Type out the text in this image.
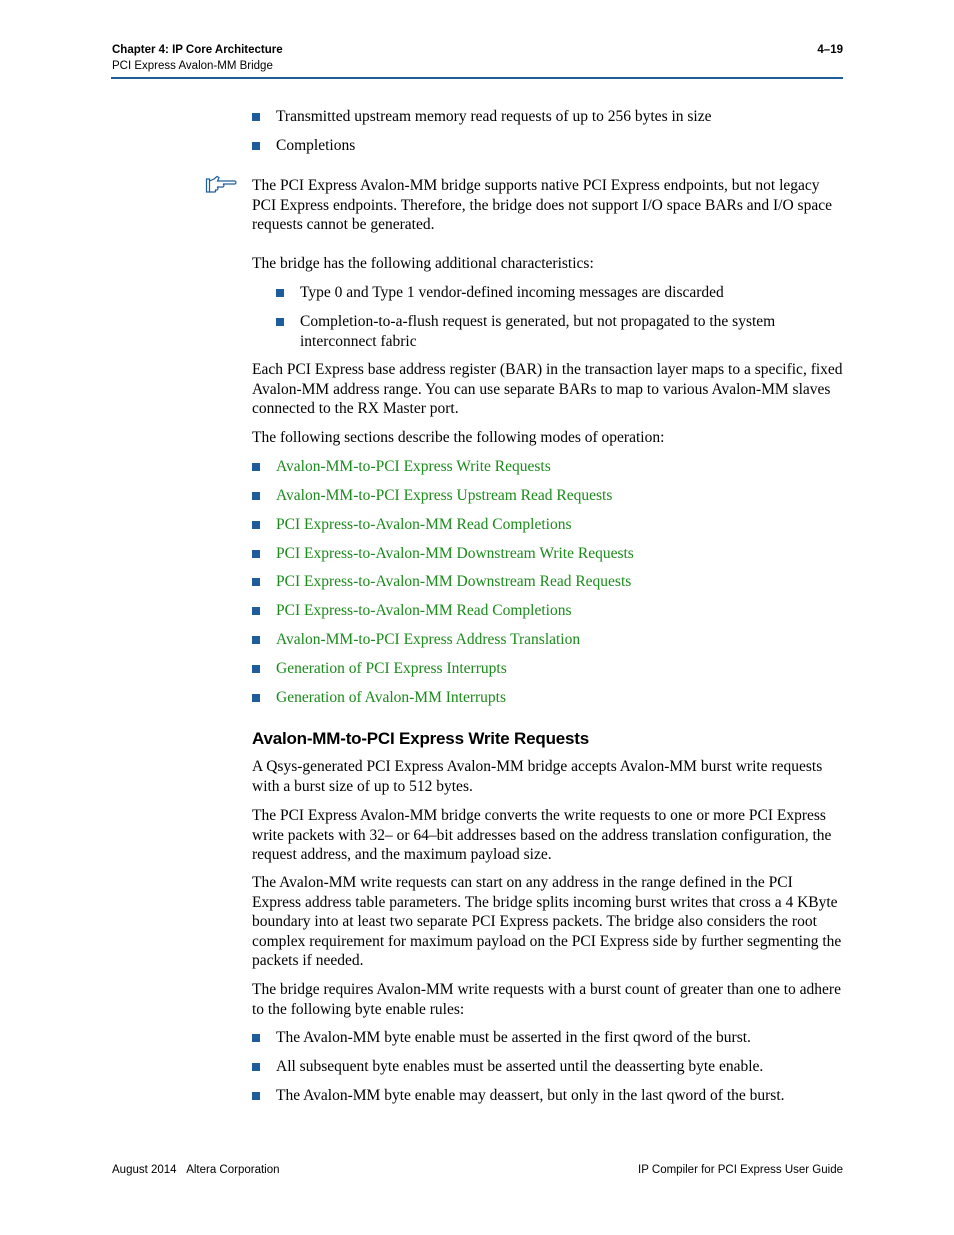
Chapter 4: IP Core Architecture
PCI Express Avalon-MM Bridge
4–19
Transmitted upstream memory read requests of up to 256 bytes in size
Completions
The PCI Express Avalon-MM bridge supports native PCI Express endpoints, but not legacy PCI Express endpoints. Therefore, the bridge does not support I/O space BARs and I/O space requests cannot be generated.
The bridge has the following additional characteristics:
Type 0 and Type 1 vendor-defined incoming messages are discarded
Completion-to-a-flush request is generated, but not propagated to the system interconnect fabric
Each PCI Express base address register (BAR) in the transaction layer maps to a specific, fixed Avalon-MM address range. You can use separate BARs to map to various Avalon-MM slaves connected to the RX Master port.
The following sections describe the following modes of operation:
Avalon-MM-to-PCI Express Write Requests
Avalon-MM-to-PCI Express Upstream Read Requests
PCI Express-to-Avalon-MM Read Completions
PCI Express-to-Avalon-MM Downstream Write Requests
PCI Express-to-Avalon-MM Downstream Read Requests
PCI Express-to-Avalon-MM Read Completions
Avalon-MM-to-PCI Express Address Translation
Generation of PCI Express Interrupts
Generation of Avalon-MM Interrupts
Avalon-MM-to-PCI Express Write Requests
A Qsys-generated PCI Express Avalon-MM bridge accepts Avalon-MM burst write requests with a burst size of up to 512 bytes.
The PCI Express Avalon-MM bridge converts the write requests to one or more PCI Express write packets with 32– or 64–bit addresses based on the address translation configuration, the request address, and the maximum payload size.
The Avalon-MM write requests can start on any address in the range defined in the PCI Express address table parameters. The bridge splits incoming burst writes that cross a 4 KByte boundary into at least two separate PCI Express packets. The bridge also considers the root complex requirement for maximum payload on the PCI Express side by further segmenting the packets if needed.
The bridge requires Avalon-MM write requests with a burst count of greater than one to adhere to the following byte enable rules:
The Avalon-MM byte enable must be asserted in the first qword of the burst.
All subsequent byte enables must be asserted until the deasserting byte enable.
The Avalon-MM byte enable may deassert, but only in the last qword of the burst.
August 2014 Altera Corporation	IP Compiler for PCI Express User Guide
